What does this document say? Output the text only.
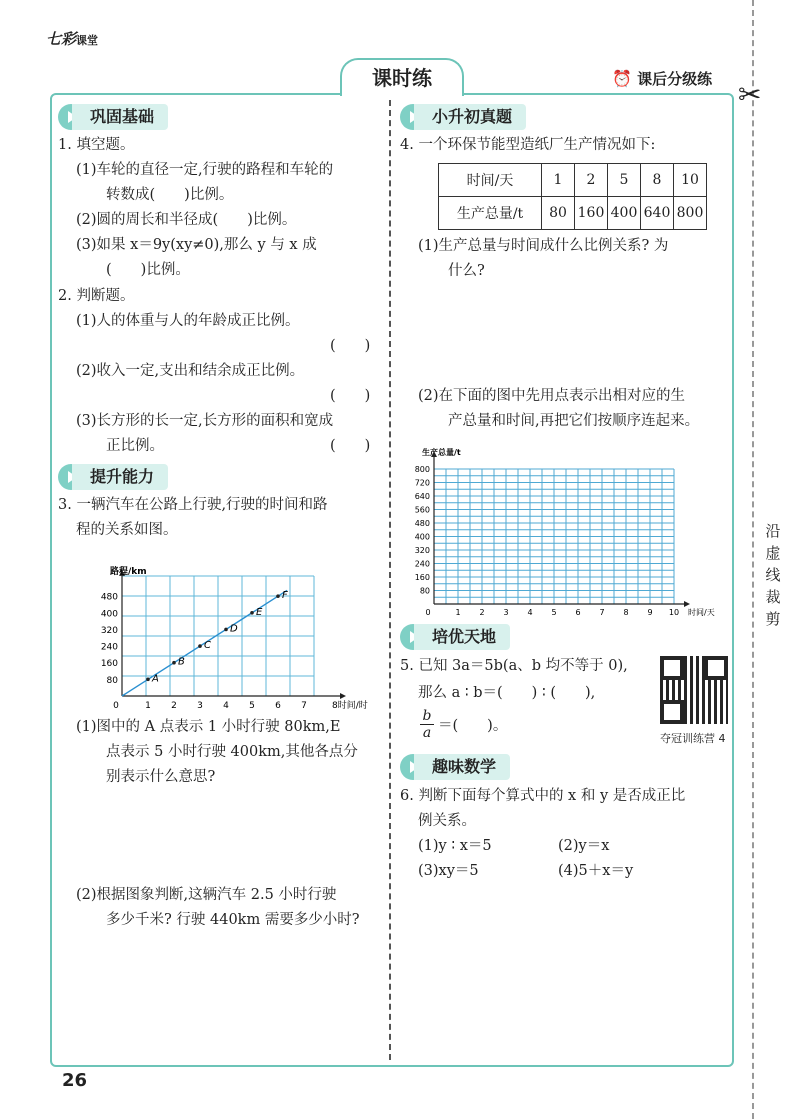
七彩课堂
课时练	⏰ 课后分级练 ✂
沿
虚
线
裁
剪
巩固基础
1. 填空题。
(1)车轮的直径一定,行驶的路程和车轮的
转数成(　　)比例。
(2)圆的周长和半径成(　　)比例。
(3)如果 x＝9y(xy≠0),那么 y 与 x 成
(　　)比例。
2. 判断题。
(1)人的体重与人的年龄成正比例。
(　　)
(2)收入一定,支出和结余成正比例。
(　　)
(3)长方形的长一定,长方形的面积和宽成
正比例。	(　　)
提升能力
3. 一辆汽车在公路上行驶,行驶的时间和路
程的关系如图。
0	1 2 3 4 5 6 7
80
160
240
320
400
480
路程/km
8时间/时
A
B
C
D
E
F
(1)图中的 A 点表示 1 小时行驶 80km,E
点表示 5 小时行驶 400km,其他各点分
别表示什么意思?
(2)根据图象判断,这辆汽车 2.5 小时行驶
多少千米? 行驶 440km 需要多少小时?
小升初真题
4. 一个环保节能型造纸厂生产情况如下:
时间/天	1	2	5	8	10
生产总量/t	80	160	400	640	800
(1)生产总量与时间成什么比例关系? 为
什么?
(2)在下面的图中先用点表示出相对应的生
产总量和时间,再把它们按顺序连起来。
0	1 2 3 4 5 6 7 8 9 10
80
160
240
320
400
480
560
640
720
800
生产总量/t
时间/天
培优天地
5. 已知 3a＝5b(a、b 均不等于 0),
那么 a ∶ b＝(　　) ∶ (　　),
b
a ＝(　　)。
夺冠训练营 4
趣味数学
6. 判断下面每个算式中的 x 和 y 是否成正比
例关系。
(1)y ∶ x＝5	(2)y＝x
(3)xy＝5	(4)5＋x＝y
26
